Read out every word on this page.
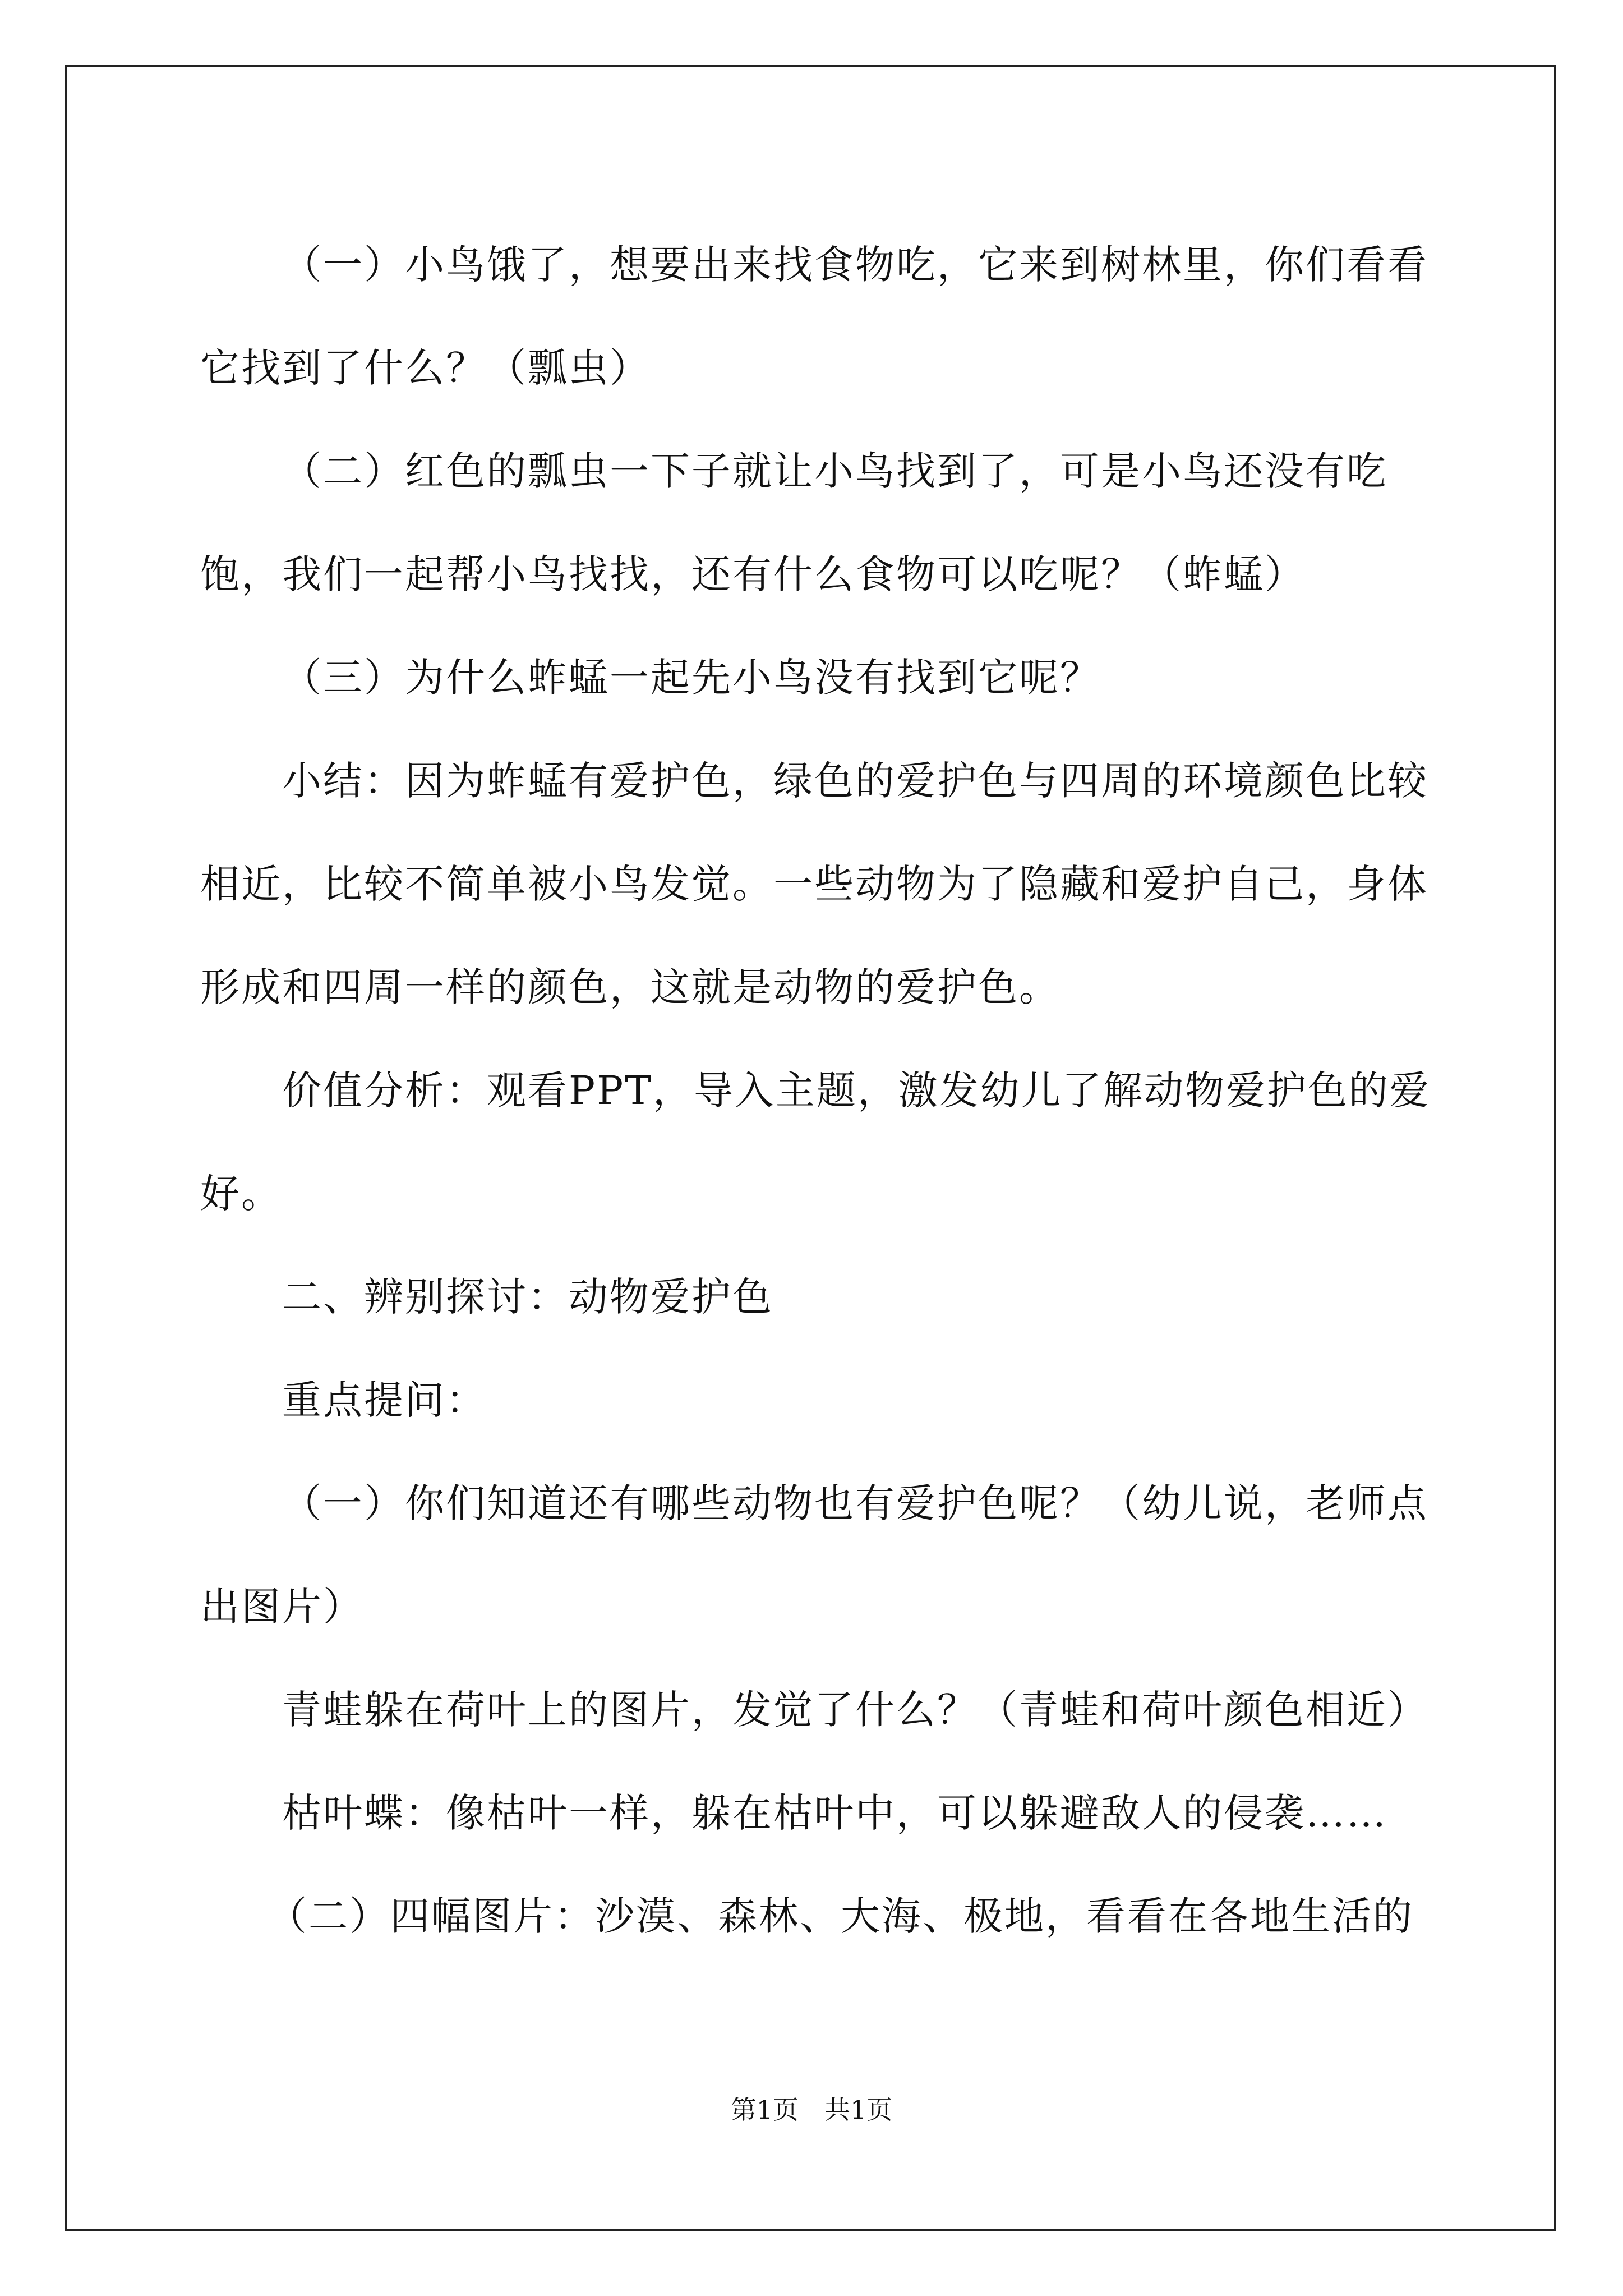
（一）小鸟饿了，想要出来找食物吃，它来到树林里，你们看看它找到了什么？（瓢虫）

（二）红色的瓢虫一下子就让小鸟找到了，可是小鸟还没有吃饱，我们一起帮小鸟找找，还有什么食物可以吃呢？（蚱蜢）

（三）为什么蚱蜢一起先小鸟没有找到它呢？

小结：因为蚱蜢有爱护色，绿色的爱护色与四周的环境颜色比较相近，比较不简单被小鸟发觉。一些动物为了隐藏和爱护自己，身体形成和四周一样的颜色，这就是动物的爱护色。

价值分析：观看PPT，导入主题，激发幼儿了解动物爱护色的爱好。

二、辨别探讨：动物爱护色

重点提问：

（一）你们知道还有哪些动物也有爱护色呢？（幼儿说，老师点出图片）

青蛙躲在荷叶上的图片，发觉了什么？（青蛙和荷叶颜色相近）

枯叶蝶：像枯叶一样，躲在枯叶中，可以躲避敌人的侵袭……

（二）四幅图片：沙漠、森林、大海、极地，看看在各地生活的

第1页　共1页
